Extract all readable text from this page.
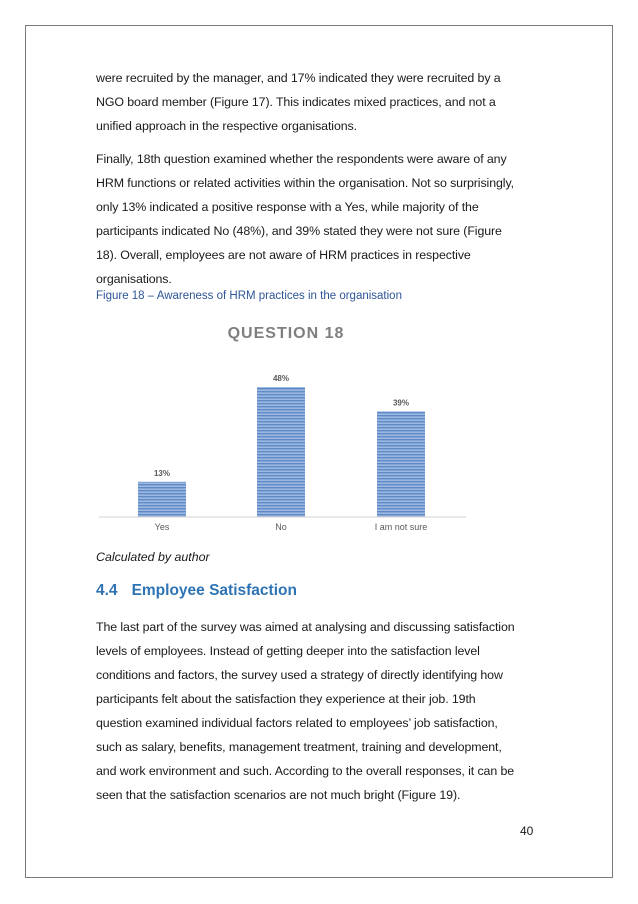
were recruited by the manager, and 17% indicated they were recruited by a
NGO board member (Figure 17). This indicates mixed practices, and not a
unified approach in the respective organisations.
Finally, 18th question examined whether the respondents were aware of any
HRM functions or related activities within the organisation. Not so surprisingly,
only 13% indicated a positive response with a Yes, while majority of the
participants indicated No (48%), and 39% stated they were not sure (Figure
18). Overall, employees are not aware of HRM practices in respective
organisations.

Figure 18 – Awareness of HRM practices in the organisation

QUESTION 18
13%
Yes
48%
No
39%
I am not sure

Calculated by author

4.4 Employee Satisfaction
The last part of the survey was aimed at analysing and discussing satisfaction
levels of employees. Instead of getting deeper into the satisfaction level
conditions and factors, the survey used a strategy of directly identifying how
participants felt about the satisfaction they experience at their job. 19th
question examined individual factors related to employees’ job satisfaction,
such as salary, benefits, management treatment, training and development,
and work environment and such. According to the overall responses, it can be
seen that the satisfaction scenarios are not much bright (Figure 19).

40
